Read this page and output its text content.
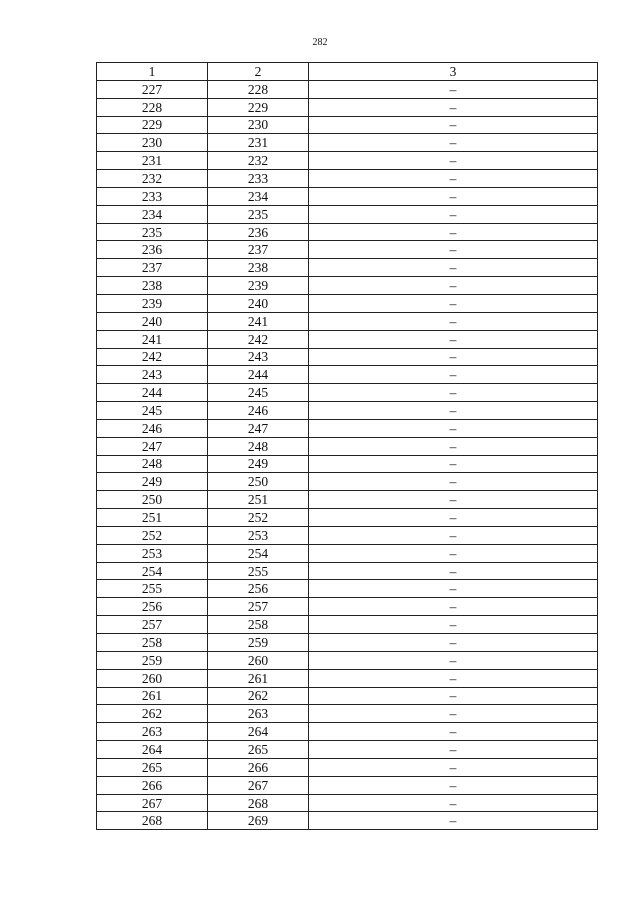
282
1	2	3
227	228	–
228	229	–
229	230	–
230	231	–
231	232	–
232	233	–
233	234	–
234	235	–
235	236	–
236	237	–
237	238	–
238	239	–
239	240	–
240	241	–
241	242	–
242	243	–
243	244	–
244	245	–
245	246	–
246	247	–
247	248	–
248	249	–
249	250	–
250	251	–
251	252	–
252	253	–
253	254	–
254	255	–
255	256	–
256	257	–
257	258	–
258	259	–
259	260	–
260	261	–
261	262	–
262	263	–
263	264	–
264	265	–
265	266	–
266	267	–
267	268	–
268	269	–
